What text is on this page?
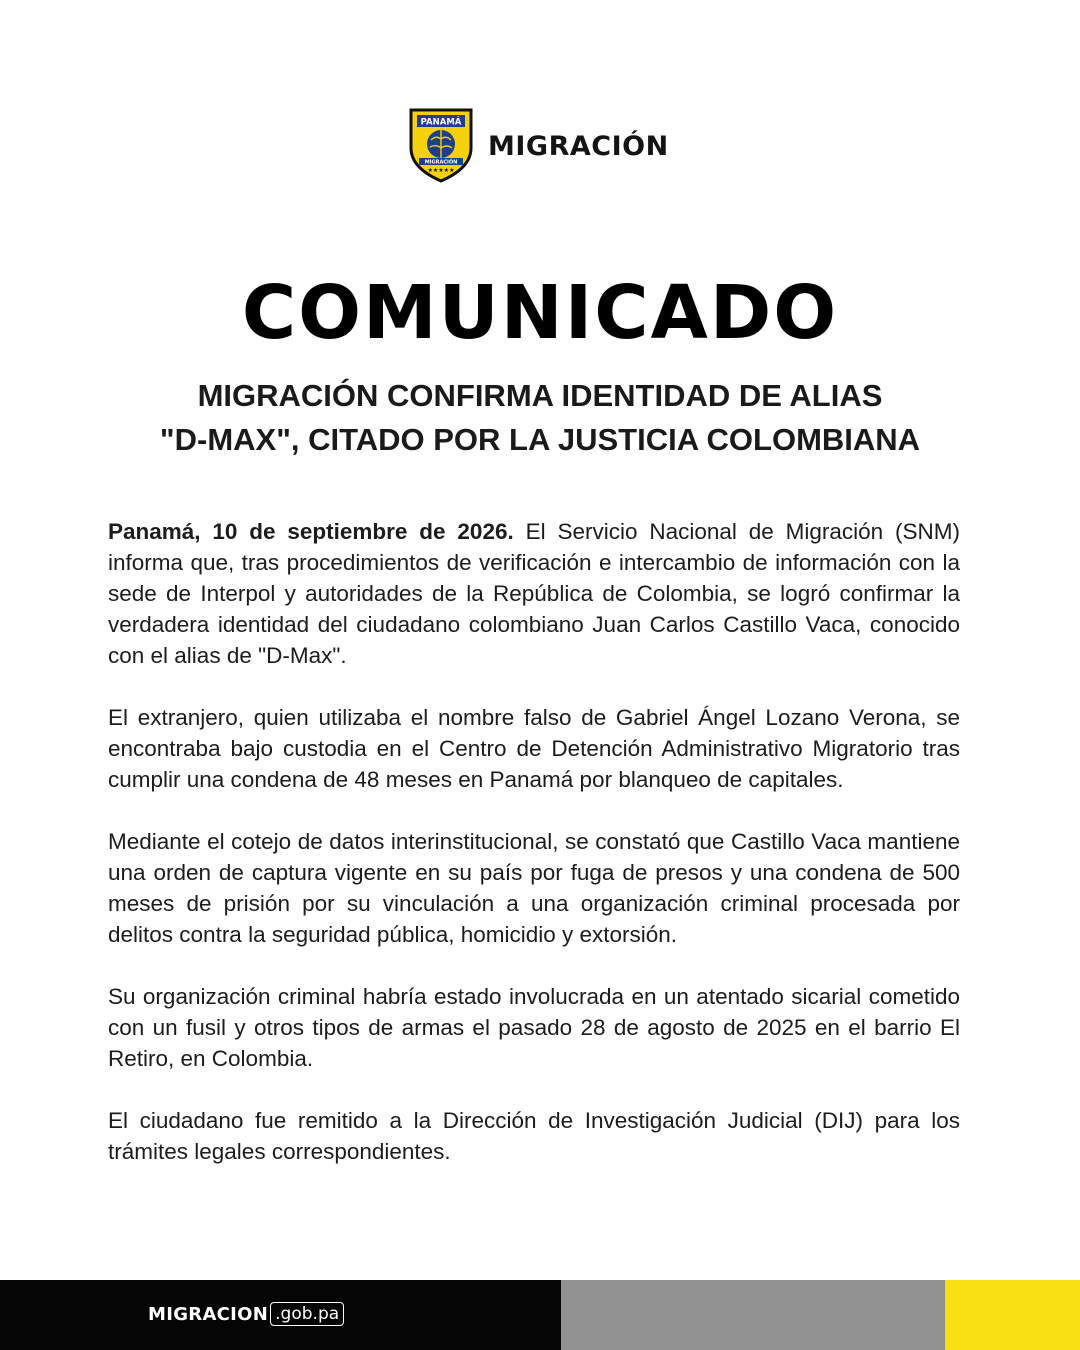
PANAMÁ
MIGRACIÓN
★★★★★
MIGRACIÓN
COMUNICADO
MIGRACIÓN CONFIRMA IDENTIDAD DE ALIAS
"D-MAX", CITADO POR LA JUSTICIA COLOMBIANA

Panamá, 10 de septiembre de 2026. El Servicio Nacional de Migración (SNM) informa que, tras procedimientos de verificación e intercambio de información con la sede de Interpol y autoridades de la República de Colombia, se logró confirmar la verdadera identidad del ciudadano colombiano Juan Carlos Castillo Vaca, conocido con el alias de "D-Max".

El extranjero, quien utilizaba el nombre falso de Gabriel Ángel Lozano Verona, se encontraba bajo custodia en el Centro de Detención Administrativo Migratorio tras cumplir una condena de 48 meses en Panamá por blanqueo de capitales.

Mediante el cotejo de datos interinstitucional, se constató que Castillo Vaca mantiene una orden de captura vigente en su país por fuga de presos y una condena de 500 meses de prisión por su vinculación a una organización criminal procesada por delitos contra la seguridad pública, homicidio y extorsión.

Su organización criminal habría estado involucrada en un atentado sicarial cometido con un fusil y otros tipos de armas el pasado 28 de agosto de 2025 en el barrio El Retiro, en Colombia.

El ciudadano fue remitido a la Dirección de Investigación Judicial (DIJ) para los trámites legales correspondientes.

MIGRACION .gob.pa
